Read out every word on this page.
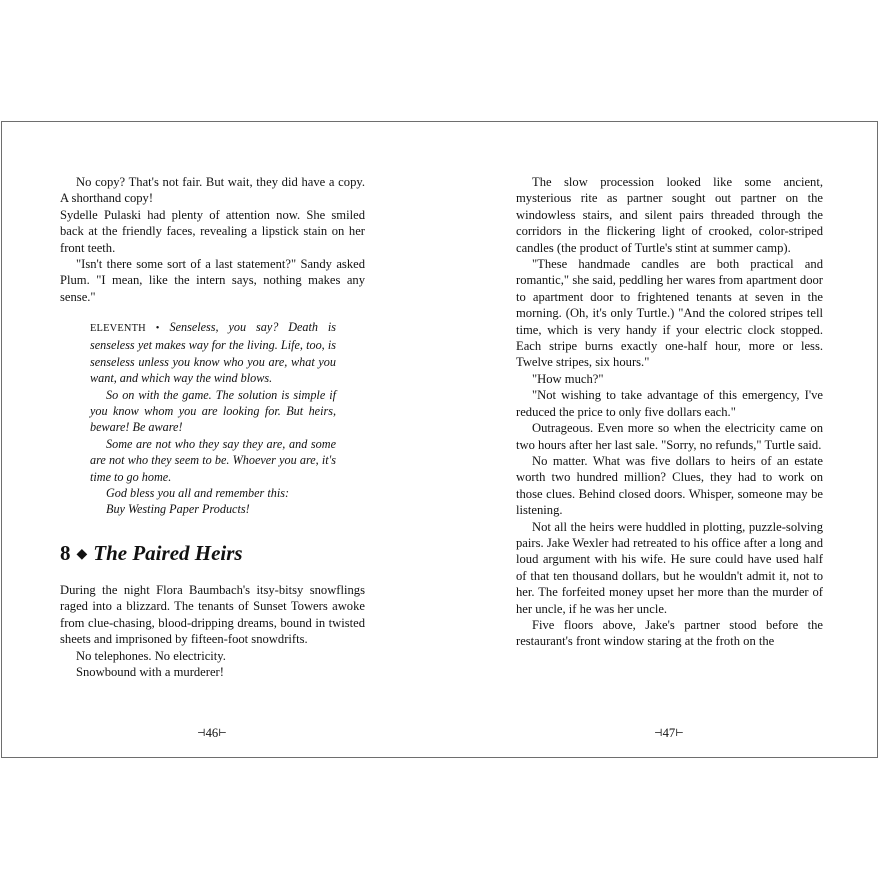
No copy? That's not fair. But wait, they did have a copy. A shorthand copy!

Sydelle Pulaski had plenty of attention now. She smiled back at the friendly faces, revealing a lipstick stain on her front teeth.

"Isn't there some sort of a last statement?" Sandy asked Plum. "I mean, like the intern says, nothing makes any sense."

ELEVENTH • Senseless, you say? Death is senseless yet makes way for the living. Life, too, is senseless unless you know who you are, what you want, and which way the wind blows.

So on with the game. The solution is simple if you know whom you are looking for. But heirs, beware! Be aware!

Some are not who they say they are, and some are not who they seem to be. Whoever you are, it's time to go home.

God bless you all and remember this:

Buy Westing Paper Products!

8 ◆ The Paired Heirs

During the night Flora Baumbach's itsy-bitsy snowflings raged into a blizzard. The tenants of Sunset Towers awoke from clue-chasing, blood-dripping dreams, bound in twisted sheets and imprisoned by fifteen-foot snowdrifts.

No telephones. No electricity.

Snowbound with a murderer!

⊣46⊢

The slow procession looked like some ancient, mysterious rite as partner sought out partner on the windowless stairs, and silent pairs threaded through the corridors in the flickering light of crooked, color-striped candles (the product of Turtle's stint at summer camp).

"These handmade candles are both practical and romantic," she said, peddling her wares from apartment door to apartment door to frightened tenants at seven in the morning. (Oh, it's only Turtle.) "And the colored stripes tell time, which is very handy if your electric clock stopped. Each stripe burns exactly one-half hour, more or less. Twelve stripes, six hours."

"How much?"

"Not wishing to take advantage of this emergency, I've reduced the price to only five dollars each."

Outrageous. Even more so when the electricity came on two hours after her last sale. "Sorry, no refunds," Turtle said.

No matter. What was five dollars to heirs of an estate worth two hundred million? Clues, they had to work on those clues. Behind closed doors. Whisper, someone may be listening.

Not all the heirs were huddled in plotting, puzzle-solving pairs. Jake Wexler had retreated to his office after a long and loud argument with his wife. He sure could have used half of that ten thousand dollars, but he wouldn't admit it, not to her. The forfeited money upset her more than the murder of her uncle, if he was her uncle.

Five floors above, Jake's partner stood before the restaurant's front window staring at the froth on the

⊣47⊢
